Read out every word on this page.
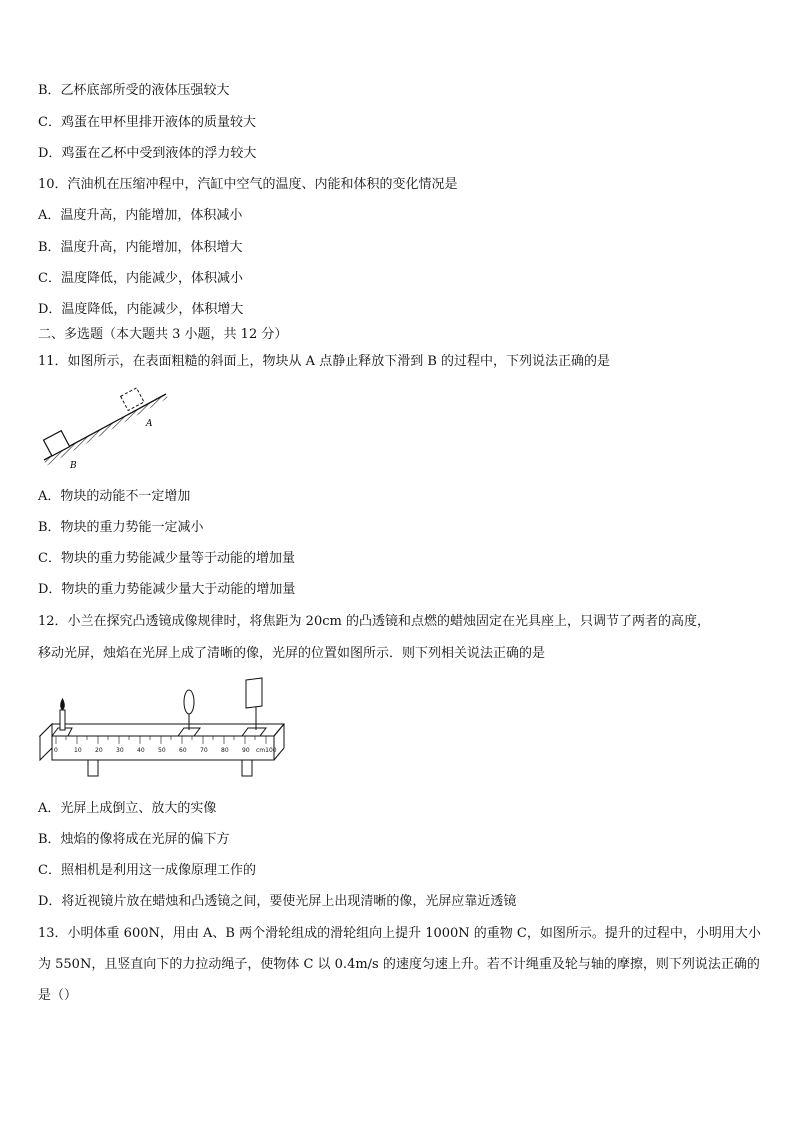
B．乙杯底部所受的液体压强较大
C．鸡蛋在甲杯里排开液体的质量较大
D．鸡蛋在乙杯中受到液体的浮力较大
10．汽油机在压缩冲程中，汽缸中空气的温度、内能和体积的变化情况是
A．温度升高，内能增加，体积减小
B．温度升高，内能增加，体积增大
C．温度降低，内能减少，体积减小
D．温度降低，内能减少，体积增大
二、多选题（本大题共 3 小题，共 12 分）
11．如图所示，在表面粗糙的斜面上，物块从 A 点静止释放下滑到 B 的过程中，下列说法正确的是
A
B
A．物块的动能不一定增加
B．物块的重力势能一定减小
C．物块的重力势能减少量等于动能的增加量
D．物块的重力势能减少量大于动能的增加量
12．小兰在探究凸透镜成像规律时，将焦距为 20cm 的凸透镜和点燃的蜡烛固定在光具座上，只调节了两者的高度，
移动光屏，烛焰在光屏上成了清晰的像，光屏的位置如图所示．则下列相关说法正确的是
0	10 20 30 40 50 60 70 80 90 cm100
A．光屏上成倒立、放大的实像
B．烛焰的像将成在光屏的偏下方
C．照相机是利用这一成像原理工作的
D．将近视镜片放在蜡烛和凸透镜之间，要使光屏上出现清晰的像，光屏应靠近透镜
13．小明体重 600N，用由 A、B 两个滑轮组成的滑轮组向上提升 1000N 的重物 C，如图所示。提升的过程中，小明用大小为 550N，且竖直向下的力拉动绳子，使物体 C 以 0.4m/s 的速度匀速上升。若不计绳重及轮与轴的摩擦，则下列说法正确的是（）
